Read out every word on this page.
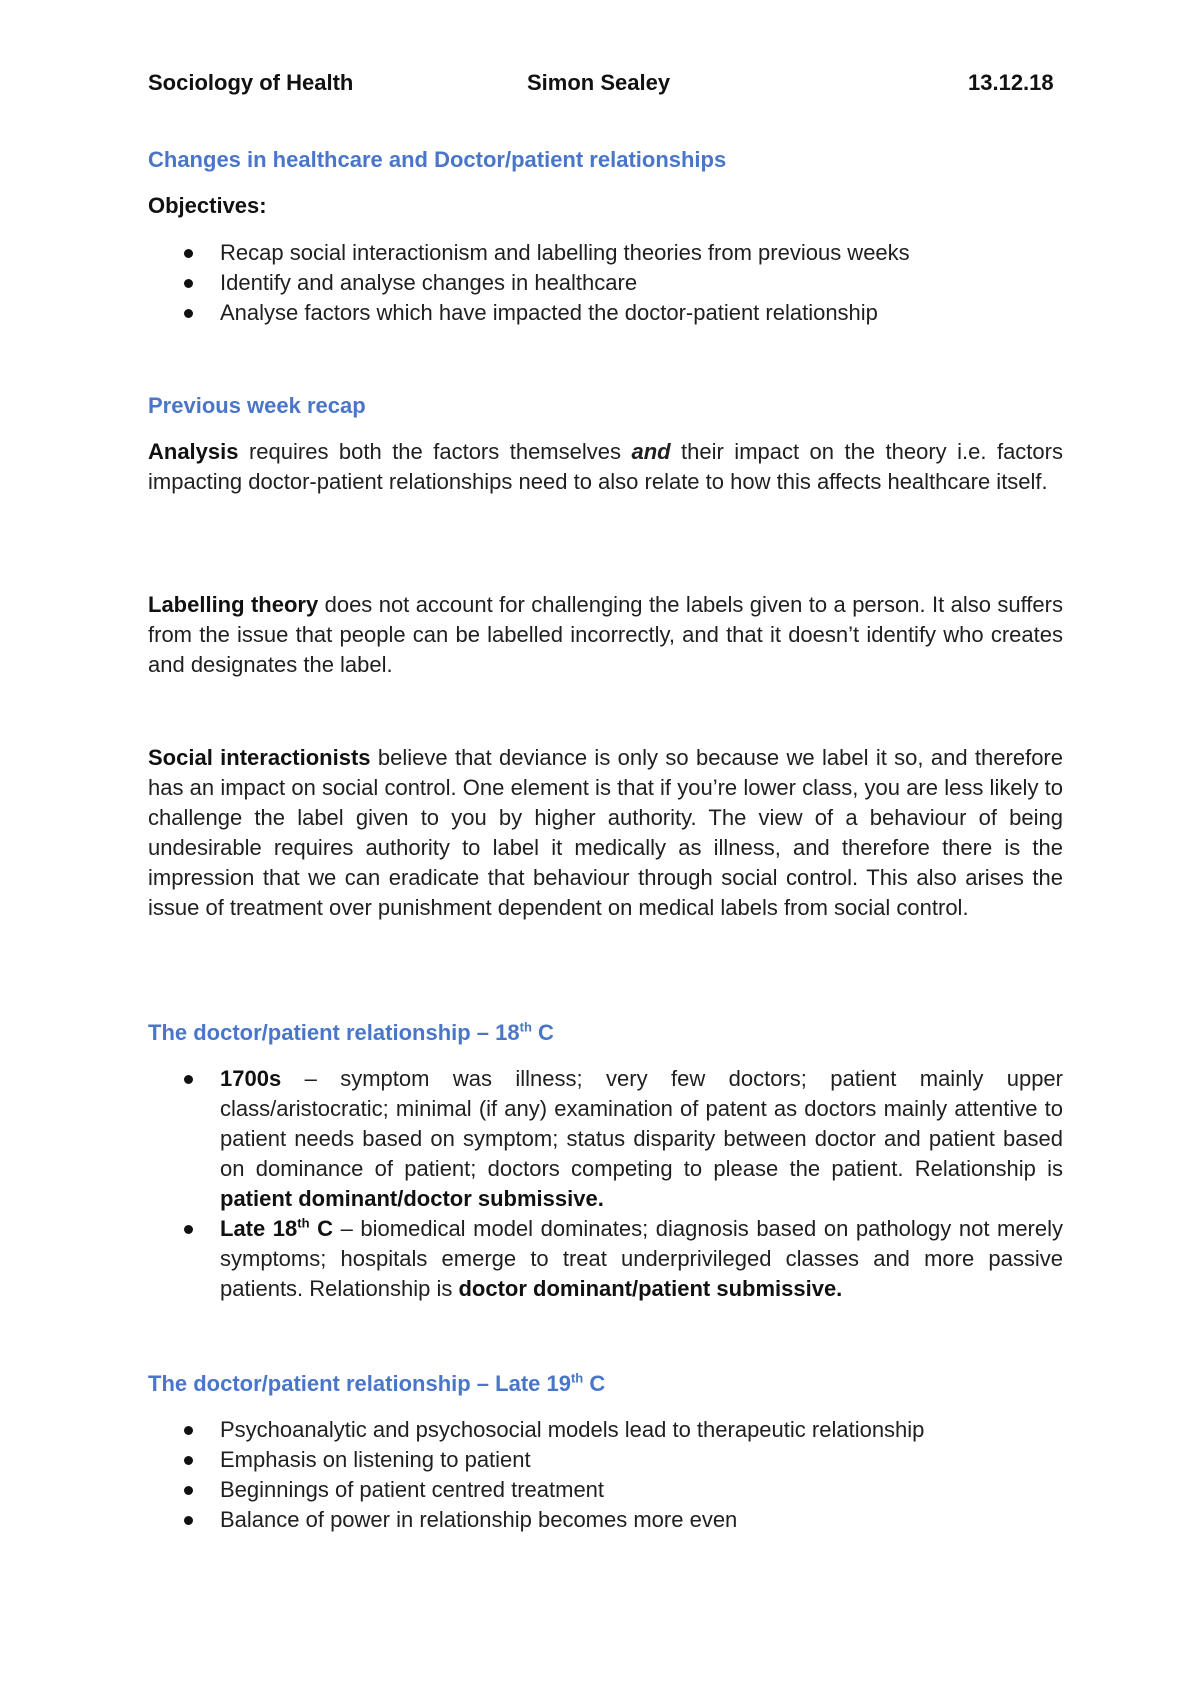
Sociology of Health	Simon Sealey	13.12.18
Changes in healthcare and Doctor/patient relationships
Objectives:
Recap social interactionism and labelling theories from previous weeks
Identify and analyse changes in healthcare
Analyse factors which have impacted the doctor-patient relationship
Previous week recap

Analysis requires both the factors themselves and their impact on the theory i.e. factors impacting doctor-patient relationships need to also relate to how this affects healthcare itself.

Labelling theory does not account for challenging the labels given to a person. It also suffers from the issue that people can be labelled incorrectly, and that it doesn’t identify who creates and designates the label.

Social interactionists believe that deviance is only so because we label it so, and therefore has an impact on social control. One element is that if you’re lower class, you are less likely to challenge the label given to you by higher authority. The view of a behaviour of being undesirable requires authority to label it medically as illness, and therefore there is the impression that we can eradicate that behaviour through social control. This also arises the issue of treatment over punishment dependent on medical labels from social control.

The doctor/patient relationship – 18th C
1700s – symptom was illness; very few doctors; patient mainly upper class/aristocratic; minimal (if any) examination of patent as doctors mainly attentive to patient needs based on symptom; status disparity between doctor and patient based on dominance of patient; doctors competing to please the patient. Relationship is patient dominant/doctor submissive.
Late 18th C – biomedical model dominates; diagnosis based on pathology not merely symptoms; hospitals emerge to treat underprivileged classes and more passive patients. Relationship is doctor dominant/patient submissive.
The doctor/patient relationship – Late 19th C
Psychoanalytic and psychosocial models lead to therapeutic relationship
Emphasis on listening to patient
Beginnings of patient centred treatment
Balance of power in relationship becomes more even
